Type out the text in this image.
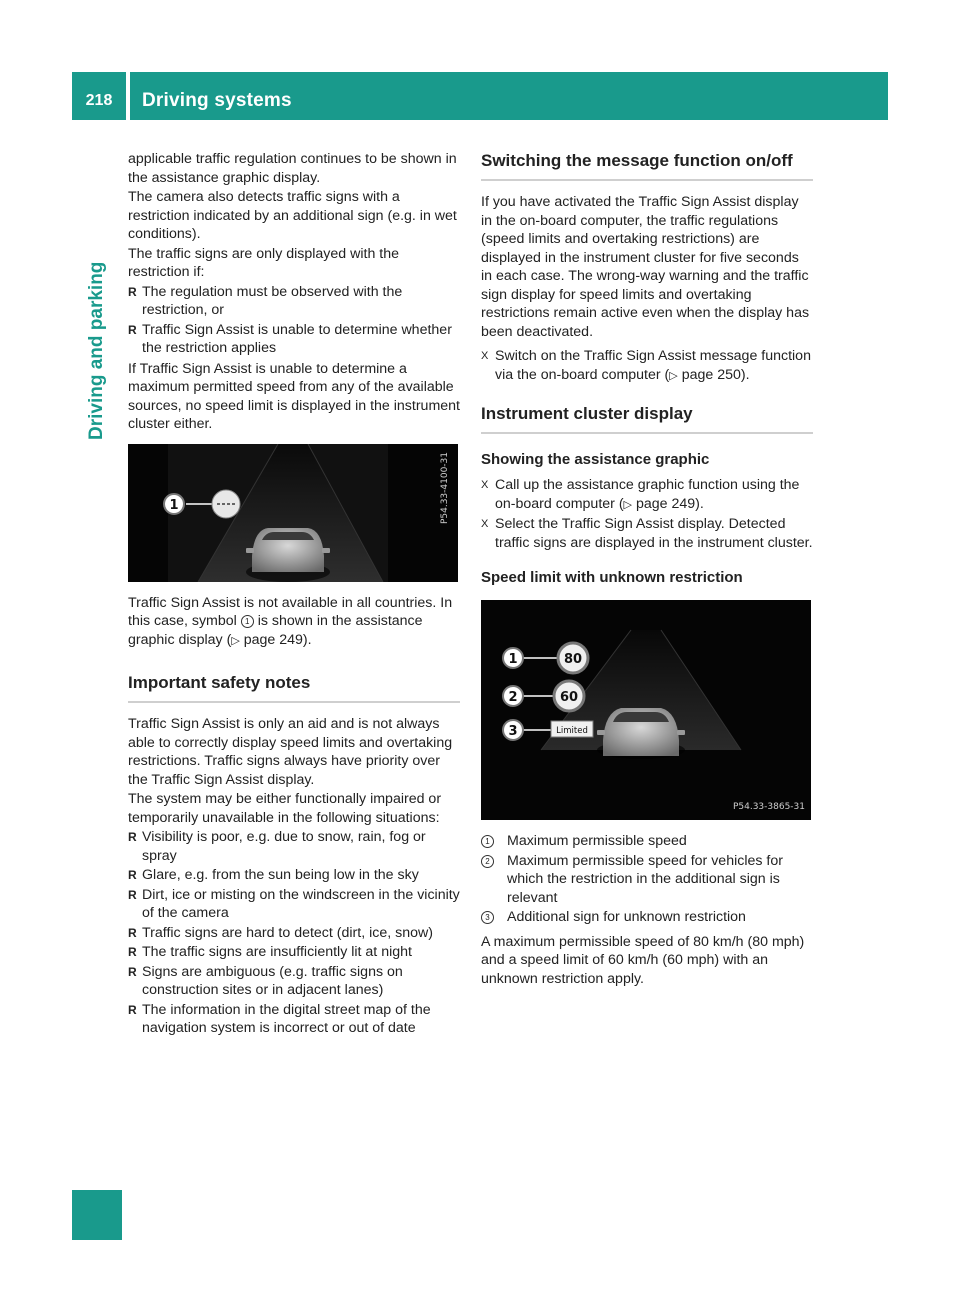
218	Driving systems
Driving and parking

applicable traffic regulation continues to be shown in the assistance graphic display.

The camera also detects traffic signs with a restriction indicated by an additional sign (e.g. in wet conditions).

The traffic signs are only displayed with the restriction if:

R The regulation must be observed with the restriction, or
R Traffic Sign Assist is unable to determine whether the restriction applies

If Traffic Sign Assist is unable to determine a maximum permitted speed from any of the available sources, no speed limit is displayed in the instrument cluster either.

1	P54.33-4100-31

Traffic Sign Assist is not available in all countries. In this case, symbol 1 is shown in the assistance graphic display (▷ page 249).

Important safety notes

Traffic Sign Assist is only an aid and is not always able to correctly display speed limits and overtaking restrictions. Traffic signs always have priority over the Traffic Sign Assist display.

The system may be either functionally impaired or temporarily unavailable in the following situations:

R Visibility is poor, e.g. due to snow, rain, fog or spray
R Glare, e.g. from the sun being low in the sky
R Dirt, ice or misting on the windscreen in the vicinity of the camera
R Traffic signs are hard to detect (dirt, ice, snow)
R The traffic signs are insufficiently lit at night
R Signs are ambiguous (e.g. traffic signs on construction sites or in adjacent lanes)
R The information in the digital street map of the navigation system is incorrect or out of date
Switching the message function on/off

If you have activated the Traffic Sign Assist display in the on-board computer, the traffic regulations (speed limits and overtaking restrictions) are displayed in the instrument cluster for five seconds in each case. The wrong-way warning and the traffic sign display for speed limits and overtaking restrictions remain active even when the display has been deactivated.

X Switch on the Traffic Sign Assist message function via the on-board computer (▷ page 250).
Instrument cluster display
Showing the assistance graphic
X Call up the assistance graphic function using the on-board computer (▷ page 249).
X Select the Traffic Sign Assist display. Detected traffic signs are displayed in the instrument cluster.
Speed limit with unknown restriction
80
60
Limited
1
2
3
P54.33-3865-31
1	Maximum permissible speed
2	Maximum permissible speed for vehicles for which the restriction in the additional sign is relevant
3	Additional sign for unknown restriction

A maximum permissible speed of 80 km/h (80 mph) and a speed limit of 60 km/h (60 mph) with an unknown restriction apply.
